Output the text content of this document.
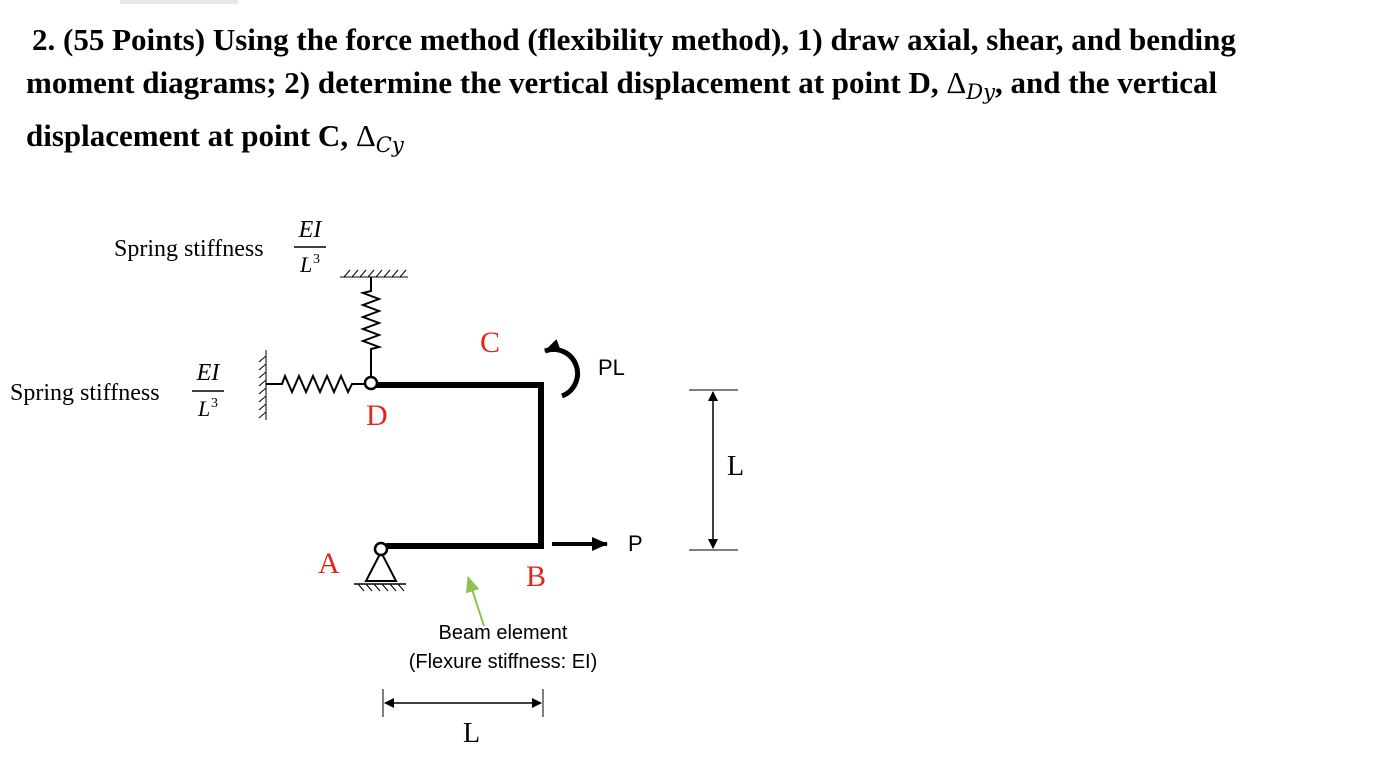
2. (55 Points) Using the force method (flexibility method), 1) draw axial, shear, and bending
moment diagrams; 2) determine the vertical displacement at point D, $\Delta_{Dy}$, and the vertical
displacement at point C, $\Delta_{Cy}$
Spring stiffness
EI
L 3
Spring stiffness
EI
L 3
C
D
A	B
PL
P
L
Beam element
(Flexure stiffness: EI)
L
